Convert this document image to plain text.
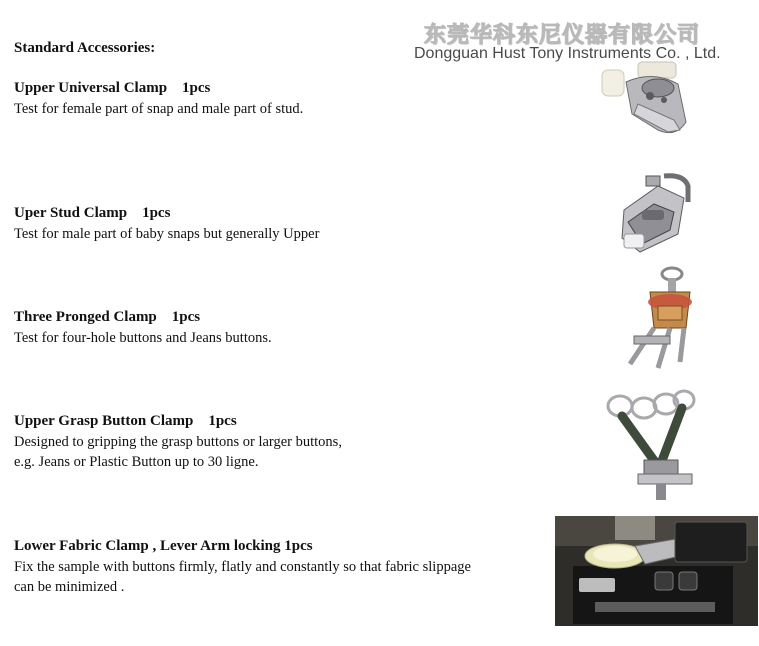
东莞华科东尼仪器有限公司
Dongguan Hust Tony Instruments Co. , Ltd.
Standard Accessories:
Upper Universal Clamp    1pcs
Test for female part of snap and male part of stud.
Uper Stud Clamp    1pcs
Test for male part of baby snaps but generally Upper
Three Pronged Clamp    1pcs
Test for four-hole buttons and Jeans buttons.
Upper Grasp Button Clamp    1pcs
Designed to gripping the grasp buttons or larger buttons,
e.g. Jeans or Plastic Button up to 30 ligne.
Lower Fabric Clamp , Lever Arm locking 1pcs
Fix the sample with buttons firmly, flatly and constantly so that fabric slippage
can be minimized .
